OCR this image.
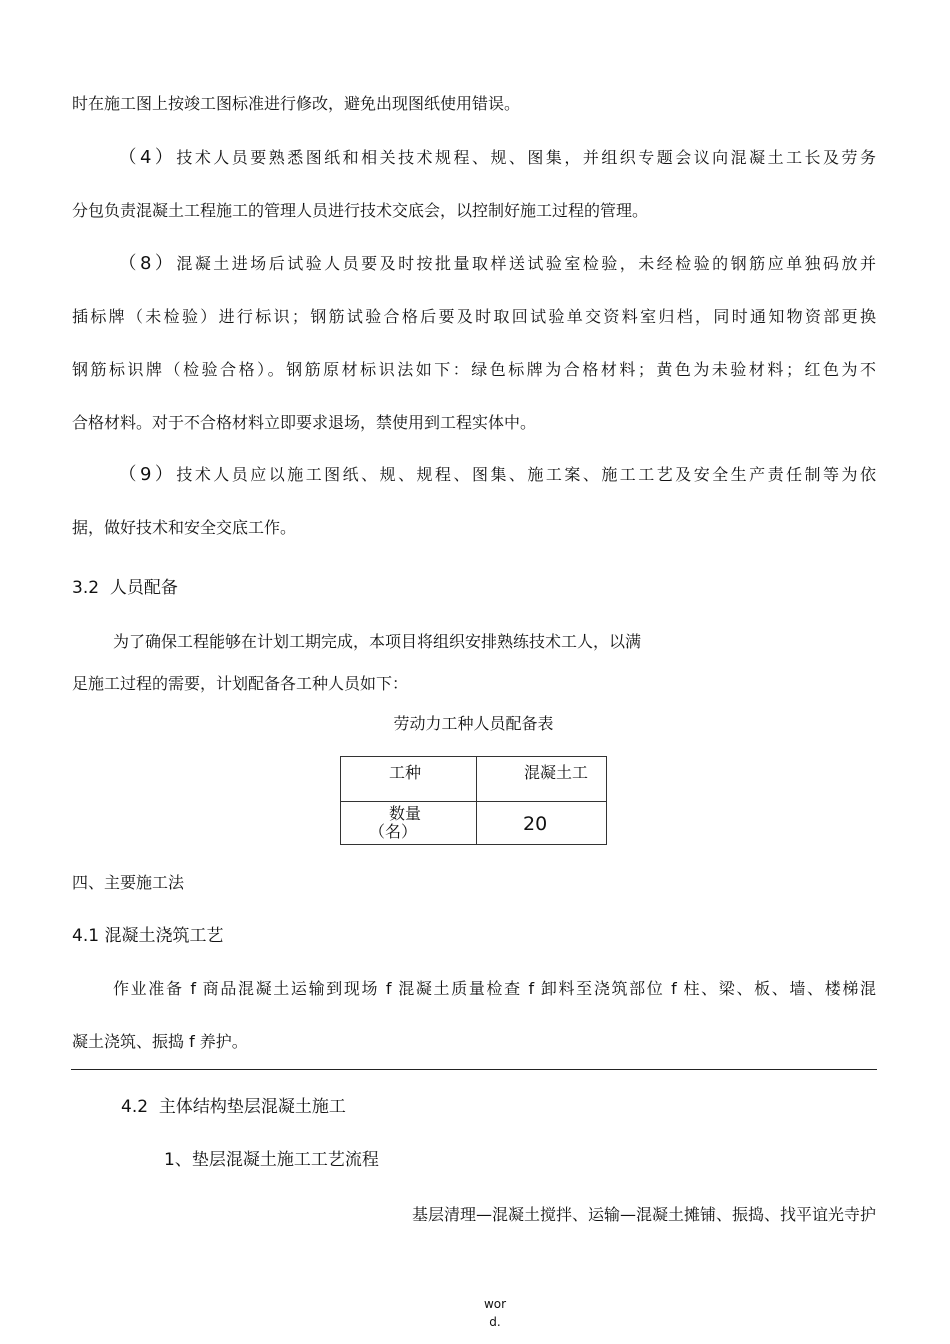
时在施工图上按竣工图标准进行修改，避免出现图纸使用错误。
（4）技术人员要熟悉图纸和相关技术规程、规、图集，并组织专题会议向混凝土工长及劳务
分包负责混凝土工程施工的管理人员进行技术交底会，以控制好施工过程的管理。
（8）混凝土进场后试验人员要及时按批量取样送试验室检验，未经检验的钢筋应单独码放并
插标牌（未检验）进行标识；钢筋试验合格后要及时取回试验单交资料室归档，同时通知物资部更换
钢筋标识牌（检验合格）。钢筋原材标识法如下：绿色标牌为合格材料；黄色为未验材料；红色为不
合格材料。对于不合格材料立即要求退场，禁使用到工程实体中。
（9）技术人员应以施工图纸、规、规程、图集、施工案、施工工艺及安全生产责任制等为依
据，做好技术和安全交底工作。
3.2 人员配备
为了确保工程能够在计划工期完成，本项目将组织安排熟练技术工人，以满
足施工过程的需要，计划配备各工种人员如下：
劳动力工种人员配备表
工种	混凝土工

数量
（名）	20
四、主要施工法
4.1 混凝土浇筑工艺
作业准备 f 商品混凝土运输到现场 f 混凝土质量检查 f 卸料至浇筑部位 f 柱、梁、板、墙、楼梯混
凝土浇筑、振捣 f 养护。
4.2 主体结构垫层混凝土施工
1、垫层混凝土施工工艺流程
基层清理—混凝土搅拌、运输—混凝土摊铺、振捣、找平谊光寺护
wor
d.
